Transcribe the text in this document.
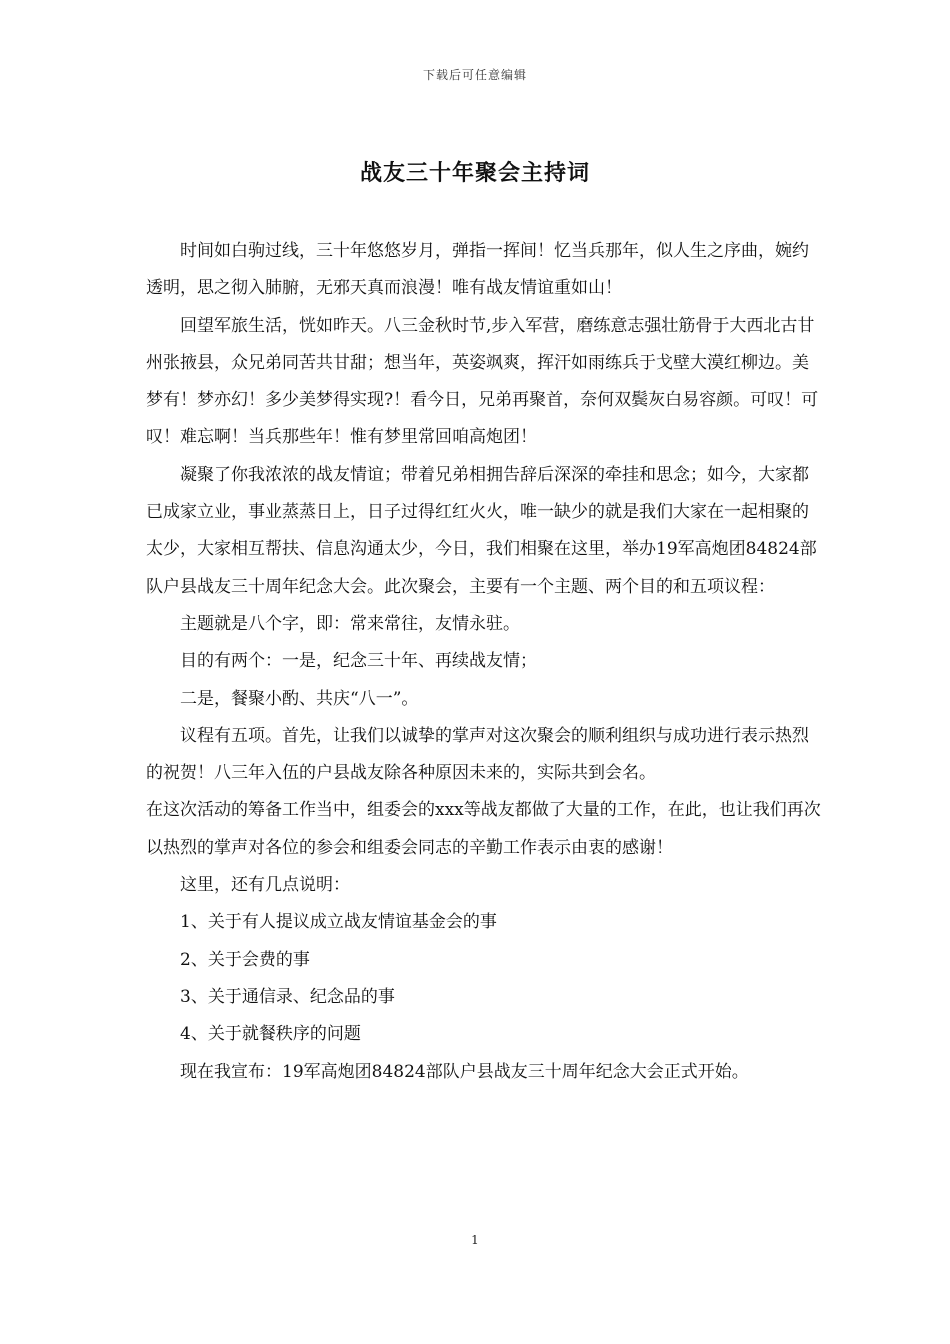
下载后可任意编辑
战友三十年聚会主持词

时间如白驹过线，三十年悠悠岁月，弹指一挥间！忆当兵那年，似人生之序曲，婉约透明，思之彻入肺腑，无邪天真而浪漫！唯有战友情谊重如山！

回望军旅生活，恍如昨天。八三金秋时节,步入军营，磨练意志强壮筋骨于大西北古甘州张掖县，众兄弟同苦共甘甜；想当年，英姿飒爽，挥汗如雨练兵于戈壁大漠红柳边。美梦有！梦亦幻！多少美梦得实现?！看今日，兄弟再聚首，奈何双鬓灰白易容颜。可叹！可叹！难忘啊！当兵那些年！惟有梦里常回咱高炮团！

凝聚了你我浓浓的战友情谊；带着兄弟相拥告辞后深深的牵挂和思念；如今，大家都已成家立业，事业蒸蒸日上，日子过得红红火火，唯一缺少的就是我们大家在一起相聚的太少，大家相互帮扶、信息沟通太少，今日，我们相聚在这里，举办19军高炮团84824部队户县战友三十周年纪念大会。此次聚会，主要有一个主题、两个目的和五项议程：

主题就是八个字，即：常来常往，友情永驻。

目的有两个：一是，纪念三十年、再续战友情；

二是，餐聚小酌、共庆“八一”。

议程有五项。首先，让我们以诚挚的掌声对这次聚会的顺利组织与成功进行表示热烈的祝贺！八三年入伍的户县战友除各种原因未来的，实际共到会名。

在这次活动的筹备工作当中，组委会的xxx等战友都做了大量的工作，在此，也让我们再次以热烈的掌声对各位的参会和组委会同志的辛勤工作表示由衷的感谢！

这里，还有几点说明：

1、关于有人提议成立战友情谊基金会的事

2、关于会费的事

3、关于通信录、纪念品的事

4、关于就餐秩序的问题

现在我宣布：19军高炮团84824部队户县战友三十周年纪念大会正式开始。

1
